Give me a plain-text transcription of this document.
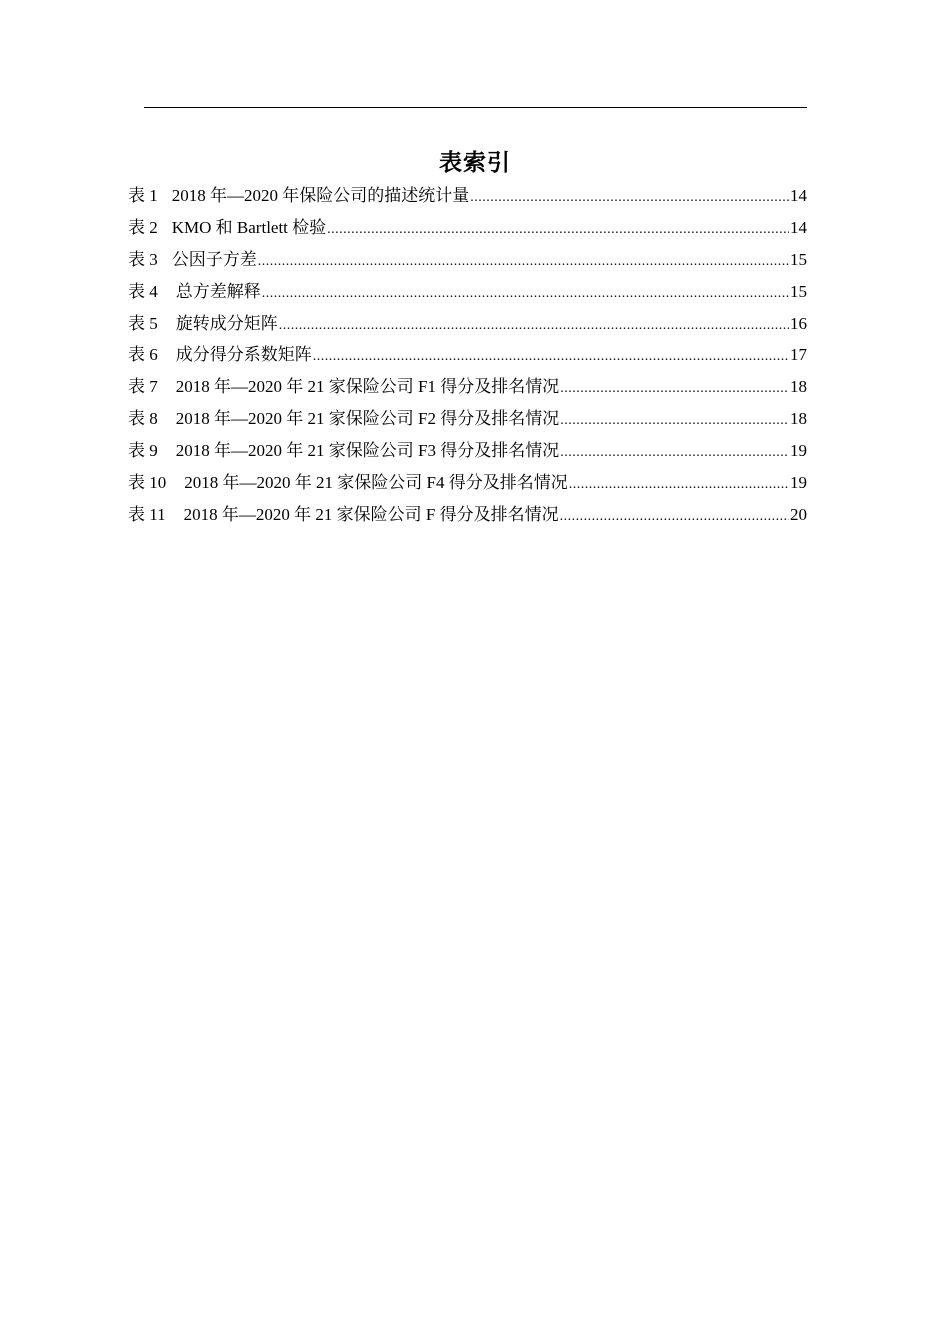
表索引
表 1 2018 年—2020 年保险公司的描述统计量 .....	14
表 2 KMO 和 Bartlett 检验 .....	14
表 3 公因子方差 .....	15
表 4 总方差解释 .....	15
表 5 旋转成分矩阵 .....	16
表 6 成分得分系数矩阵 .....	17
表 7 2018 年—2020 年 21 家保险公司 F1 得分及排名情况 .....	18
表 8 2018 年—2020 年 21 家保险公司 F2 得分及排名情况 .....	18
表 9 2018 年—2020 年 21 家保险公司 F3 得分及排名情况 .....	19
表 10 2018 年—2020 年 21 家保险公司 F4 得分及排名情况 .....	19
表 11 2018 年—2020 年 21 家保险公司 F 得分及排名情况 .....	20
